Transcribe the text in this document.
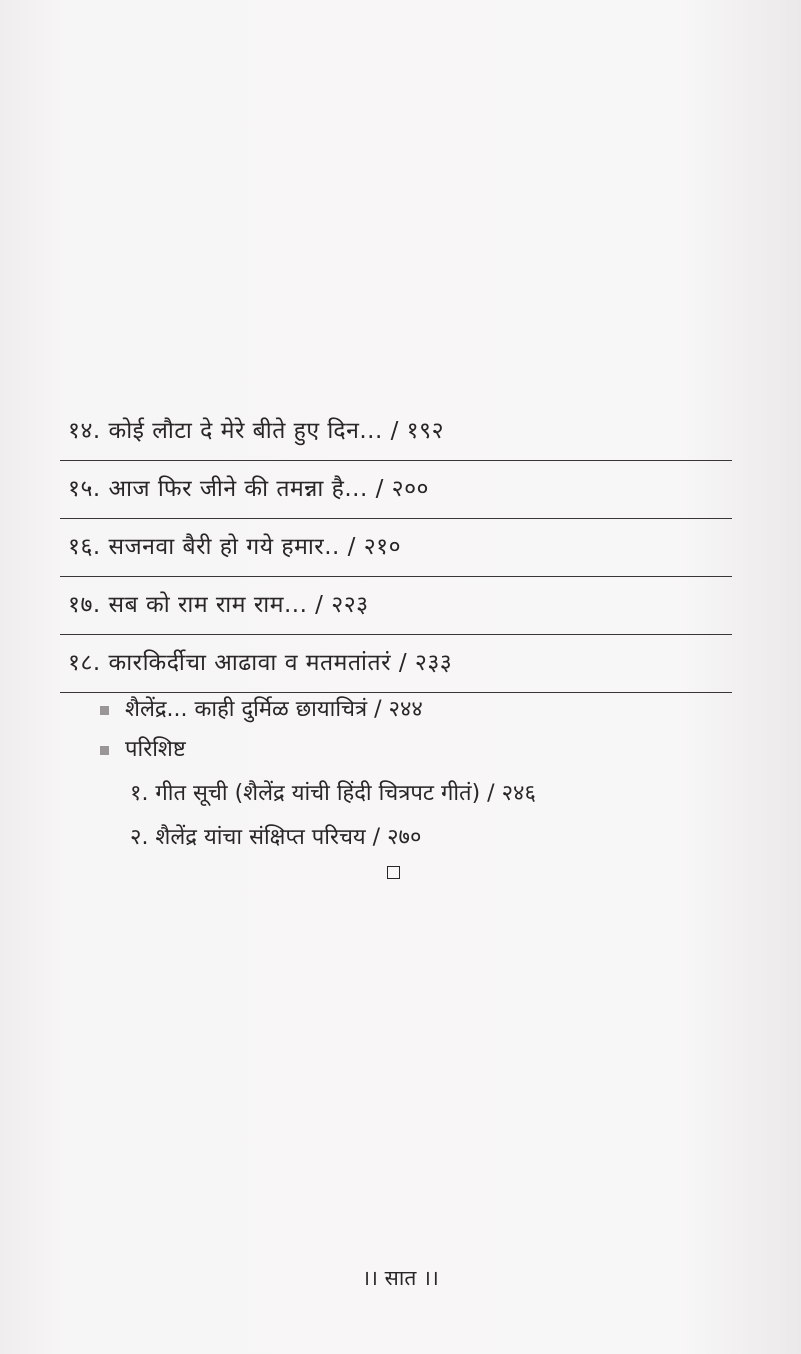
१४. कोई लौटा दे मेरे बीते हुए दिन... / १९२
१५. आज फिर जीने की तमन्ना है... / २००
१६. सजनवा बैरी हो गये हमार.. / २१०
१७. सब को राम राम राम... / २२३
१८. कारकिर्दीचा आढावा व मतमतांतरं / २३३
शैलेंद्र... काही दुर्मिळ छायाचित्रं / २४४
परिशिष्ट
१. गीत सूची (शैलेंद्र यांची हिंदी चित्रपट गीतं) / २४६
२. शैलेंद्र यांचा संक्षिप्त परिचय / २७०
।। सात ।।
